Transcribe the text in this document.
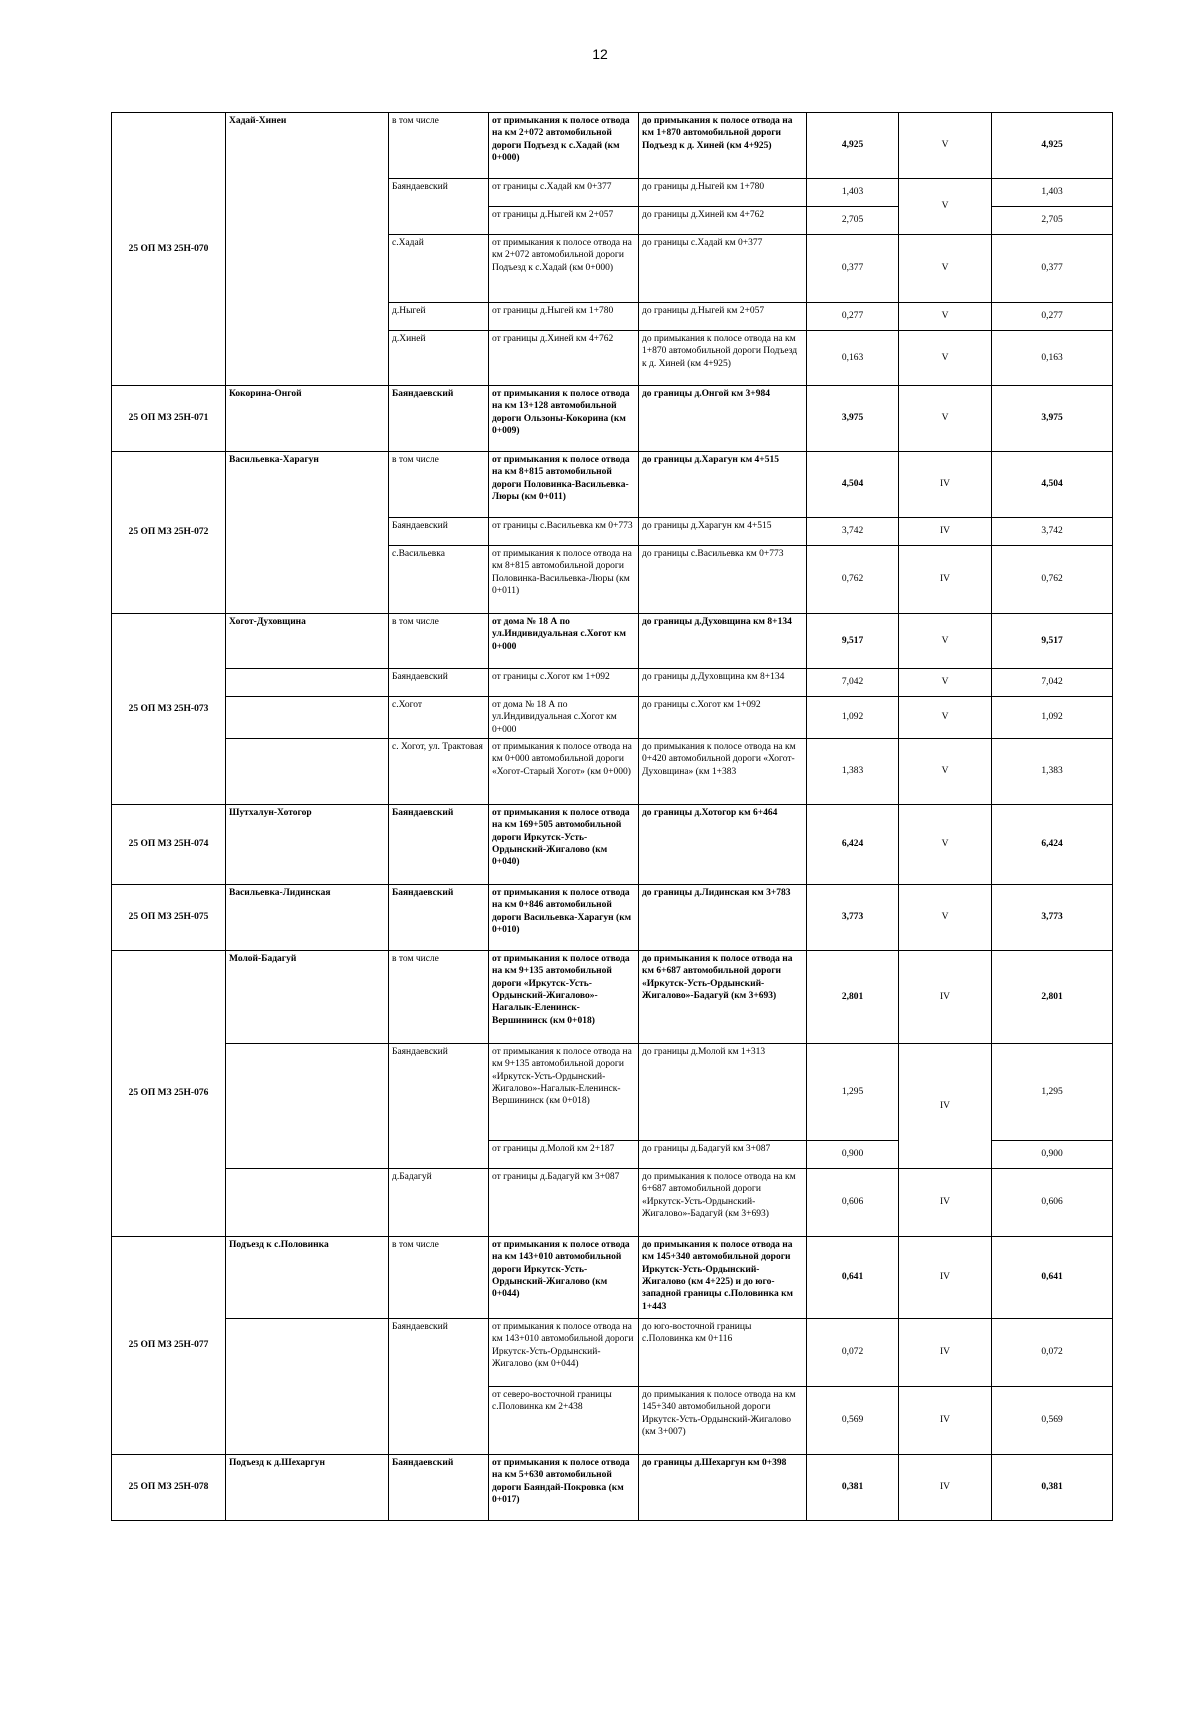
12
25 ОП МЗ 25Н-070	Хадай-Хинеи	в том числе	от примыкания к полосе отвода на км 2+072 автомобильной дороги Подъезд к с.Хадай (км 0+000)	до примыкания к полосе отвода на км 1+870 автомобильной дороги Подъезд к д. Хиней (км 4+925)	4,925	V	4,925
		Баяндаевский	от границы с.Хадай км 0+377	до границы д.Ныгей км 1+780	1,403	V	1,403
			от границы д.Ныгей км 2+057	до границы д.Хиней км 4+762	2,705		2,705
		с.Хадай	от примыкания к полосе отвода на км 2+072 автомобильной дороги Подъезд к с.Хадай (км 0+000)	до границы с.Хадай км 0+377	0,377	V	0,377
		д.Ныгей	от границы д.Ныгей км 1+780	до границы д.Ныгей км 2+057	0,277	V	0,277
		д.Хиней	от границы д.Хиней км 4+762	до примыкания к полосе отвода на км 1+870 автомобильной дороги Подъезд к д. Хиней (км 4+925)	0,163	V	0,163
25 ОП МЗ 25Н-071	Кокорина-Онгой	Баяндаевский	от примыкания к полосе отвода на км 13+128 автомобильной дороги Ользоны-Кокорина (км 0+009)	до границы д.Онгой км 3+984	3,975	V	3,975
25 ОП МЗ 25Н-072	Васильевка-Харагун	в том числе	от примыкания к полосе отвода на км 8+815 автомобильной дороги Половинка-Васильевка-Люры (км 0+011)	до границы д.Харагун км 4+515	4,504	IV	4,504
		Баяндаевский	от границы с.Васильевка км 0+773	до границы д.Харагун км 4+515	3,742	IV	3,742
		с.Васильевка	от примыкания к полосе отвода на км 8+815 автомобильной дороги Половинка-Васильевка-Люры (км 0+011)	до границы с.Васильевка км 0+773	0,762	IV	0,762
25 ОП МЗ 25Н-073	Хогот-Духовщина	в том числе	от дома № 18 А по ул.Индивидуальная с.Хогот км 0+000	до границы д.Духовщина км 8+134	9,517	V	9,517
		Баяндаевский	от границы с.Хогот км 1+092	до границы д.Духовщина км 8+134	7,042	V	7,042
		с.Хогот	от дома № 18 А по ул.Индивидуальная с.Хогот км 0+000	до границы с.Хогот км 1+092	1,092	V	1,092
		с. Хогот, ул. Трактовая	от примыкания к полосе отвода на км 0+000 автомобильной дороги «Хогот-Старый Хогот» (км 0+000)	до примыкания к полосе отвода на км 0+420 автомобильной дороги «Хогот-Духовщина» (км 1+383	1,383	V	1,383
25 ОП МЗ 25Н-074	Шутхалун-Хотогор	Баяндаевский	от примыкания к полосе отвода на км 169+505 автомобильной дороги Иркутск-Усть-Ордынский-Жигалово (км 0+040)	до границы д.Хотогор км 6+464	6,424	V	6,424
25 ОП МЗ 25Н-075	Васильевка-Лидинская	Баяндаевский	от примыкания к полосе отвода на км 0+846 автомобильной дороги Васильевка-Харагун (км 0+010)	до границы д.Лидинская км 3+783	3,773	V	3,773
25 ОП МЗ 25Н-076	Молой-Бадагуй	в том числе	от примыкания к полосе отвода на км 9+135 автомобильной дороги «Иркутск-Усть-Ордынский-Жигалово»-Нагалык-Еленинск-Вершининск (км 0+018)	до примыкания к полосе отвода на км 6+687 автомобильной дороги «Иркутск-Усть-Ордынский-Жигалово»-Бадагуй (км 3+693)	2,801	IV	2,801
		Баяндаевский	от примыкания к полосе отвода на км 9+135 автомобильной дороги «Иркутск-Усть-Ордынский-Жигалово»-Нагалык-Еленинск-Вершининск (км 0+018)	до границы д.Молой км 1+313	1,295	IV	1,295
			от границы д.Молой км 2+187	до границы д.Бадагуй км 3+087	0,900		0,900
		д.Бадагуй	от границы д.Бадагуй км 3+087	до примыкания к полосе отвода на км 6+687 автомобильной дороги «Иркутск-Усть-Ордынский-Жигалово»-Бадагуй (км 3+693)	0,606	IV	0,606
25 ОП МЗ 25Н-077	Подъезд к с.Половинка	в том числе	от примыкания к полосе отвода на км 143+010 автомобильной дороги Иркутск-Усть-Ордынский-Жигалово (км 0+044)	до примыкания к полосе отвода на км 145+340 автомобильной дороги Иркутск-Усть-Ордынский-Жигалово (км 4+225) и до юго-западной границы с.Половинка км 1+443	0,641	IV	0,641
		Баяндаевский	от примыкания к полосе отвода на км 143+010 автомобильной дороги Иркутск-Усть-Ордынский-Жигалово (км 0+044)	до юго-восточной границы с.Половинка км 0+116	0,072	IV	0,072
			от северо-восточной границы с.Половинка км 2+438	до примыкания к полосе отвода на км 145+340 автомобильной дороги Иркутск-Усть-Ордынский-Жигалово (км 3+007)	0,569	IV	0,569
25 ОП МЗ 25Н-078	Подъезд к д.Шехаргун	Баяндаевский	от примыкания к полосе отвода на км 5+630 автомобильной дороги Баяндай-Покровка (км 0+017)	до границы д.Шехаргун км 0+398	0,381	IV	0,381
